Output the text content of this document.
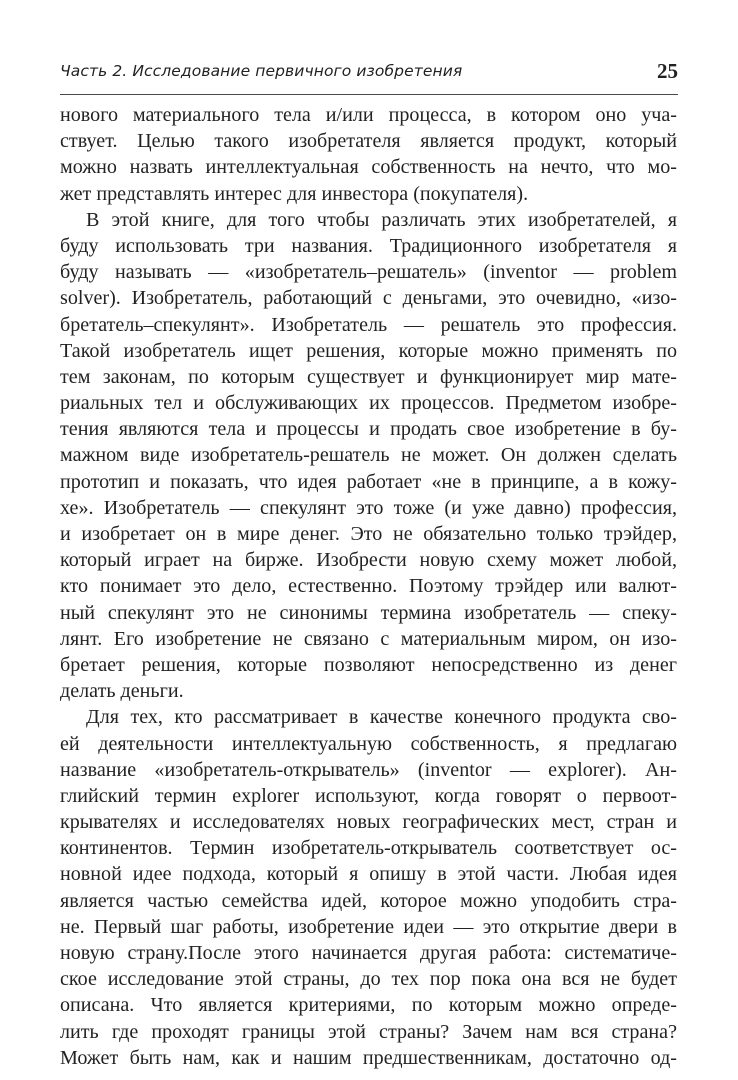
Часть 2. Исследование первичного изобретения	25
нового материального тела и/или процесса, в котором оно уча-
ствует. Целью такого изобретателя является продукт, который
можно назвать интеллектуальная собственность на нечто, что мо-
жет представлять интерес для инвестора (покупателя).
В этой книге, для того чтобы различать этих изобретателей, я
буду использовать три названия. Традиционного изобретателя я
буду называть — «изобретатель–решатель» (inventor — problem
solver). Изобретатель, работающий с деньгами, это очевидно, «изо-
бретатель–спекулянт». Изобретатель — решатель это профессия.
Такой изобретатель ищет решения, которые можно применять по
тем законам, по которым существует и функционирует мир мате-
риальных тел и обслуживающих их процессов. Предметом изобре-
тения являются тела и процессы и продать свое изобретение в бу-
мажном виде изобретатель-решатель не может. Он должен сделать
прототип и показать, что идея работает «не в принципе, а в кожу-
хе». Изобретатель — спекулянт это тоже (и уже давно) профессия,
и изобретает он в мире денег. Это не обязательно только трэйдер,
который играет на бирже. Изобрести новую схему может любой,
кто понимает это дело, естественно. Поэтому трэйдер или валют-
ный спекулянт это не синонимы термина изобретатель — спеку-
лянт. Его изобретение не связано с материальным миром, он изо-
бретает решения, которые позволяют непосредственно из денег
делать деньги.
Для тех, кто рассматривает в качестве конечного продукта сво-
ей деятельности интеллектуальную собственность, я предлагаю
название «изобретатель-открыватель» (inventor — explorer). Ан-
глийский термин explorer используют, когда говорят о первоот-
крывателях и исследователях новых географических мест, стран и
континентов. Термин изобретатель-открыватель соответствует ос-
новной идее подхода, который я опишу в этой части. Любая идея
является частью семейства идей, которое можно уподобить стра-
не. Первый шаг работы, изобретение идеи — это открытие двери в
новую страну.После этого начинается другая работа: систематиче-
ское исследование этой страны, до тех пор пока она вся не будет
описана. Что является критериями, по которым можно опреде-
лить где проходят границы этой страны? Зачем нам вся страна?
Может быть нам, как и нашим предшественникам, достаточно од-
